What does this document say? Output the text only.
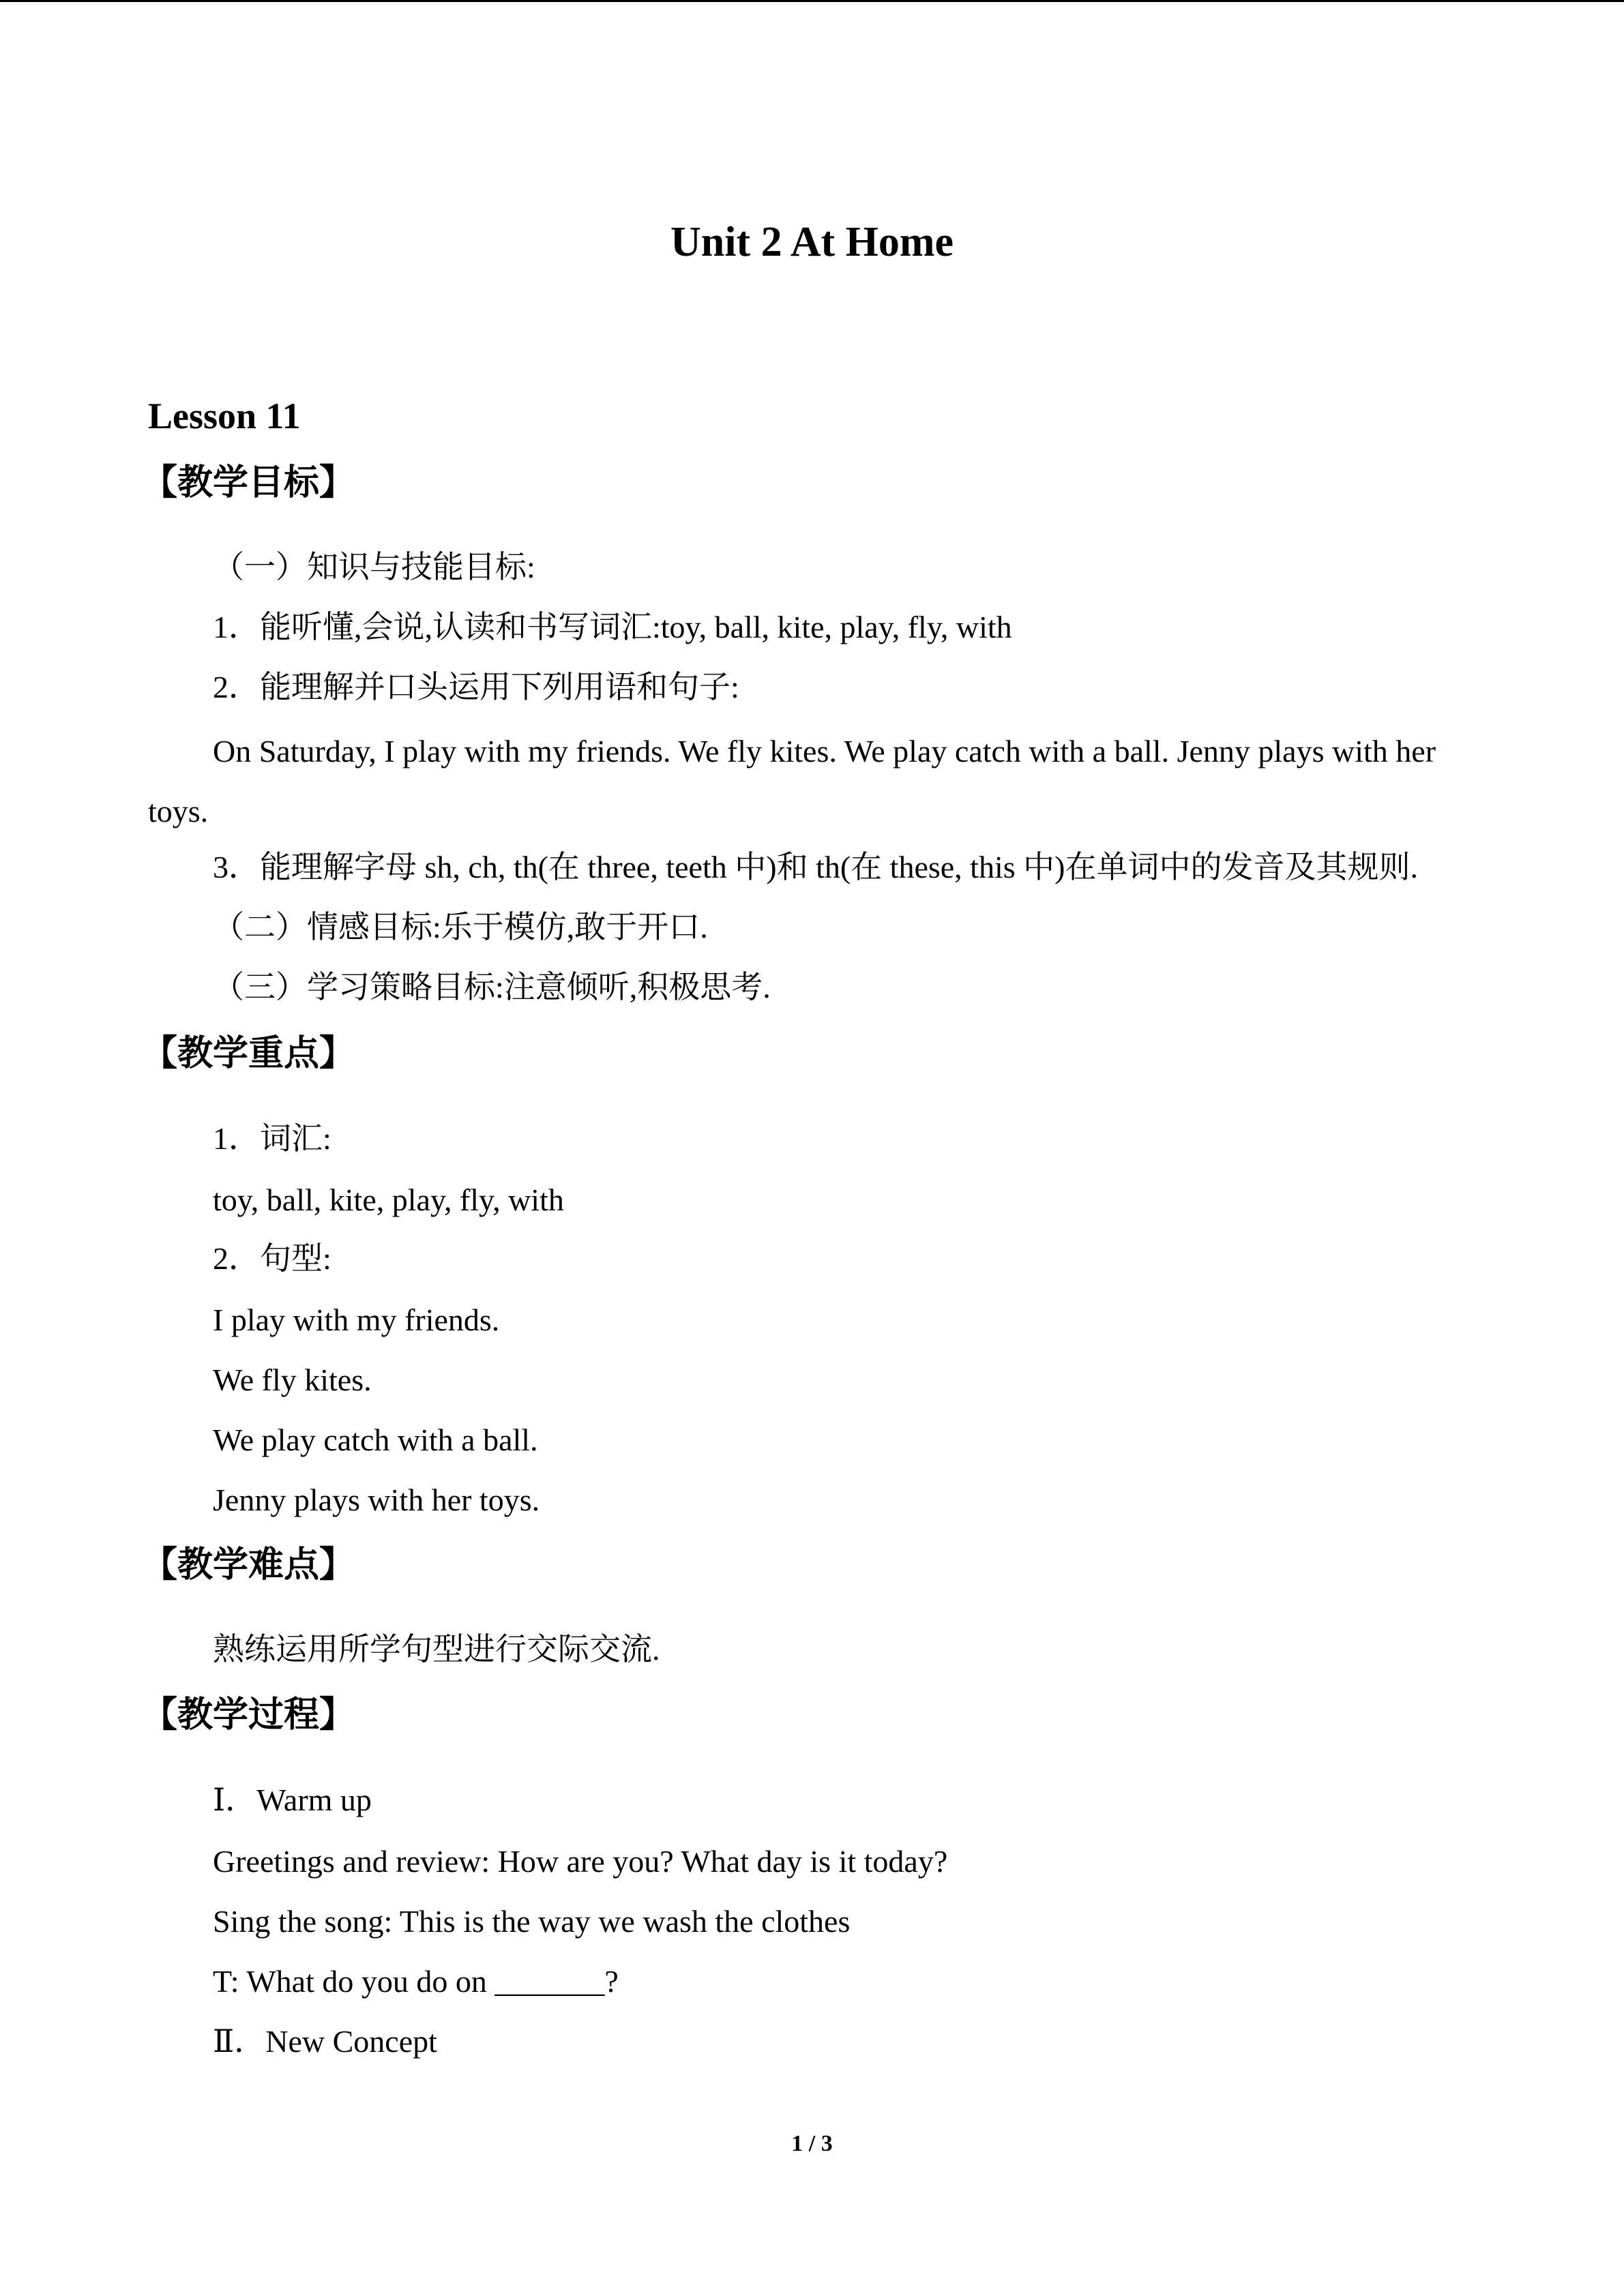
Unit 2 At Home
Lesson 11
【教学目标】
（一）知识与技能目标:
1．能听懂,会说,认读和书写词汇:toy, ball, kite, play, fly, with
2．能理解并口头运用下列用语和句子:
On Saturday, I play with my friends. We fly kites. We play catch with a ball. Jenny plays with her toys.
3．能理解字母 sh, ch, th(在 three, teeth 中)和 th(在 these, this 中)在单词中的发音及其规则.
（二）情感目标:乐于模仿,敢于开口.
（三）学习策略目标:注意倾听,积极思考.
【教学重点】
1．词汇:
toy, ball, kite, play, fly, with
2．句型:
I play with my friends.
We fly kites.
We play catch with a ball.
Jenny plays with her toys.
【教学难点】
熟练运用所学句型进行交际交流.
【教学过程】
Ⅰ．Warm up
Greetings and review: How are you? What day is it today?
Sing the song: This is the way we wash the clothes
T: What do you do on _______?
Ⅱ．New Concept
1 / 3
